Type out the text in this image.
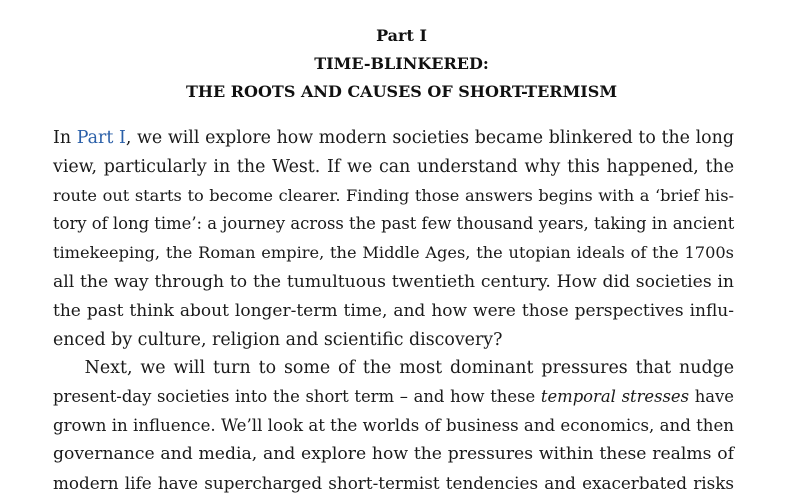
Part I
TIME-BLINKERED:
THE ROOTS AND CAUSES OF SHORT-TERMISM
In Part I, we will explore how modern societies became blinkered to the long
view, particularly in the West. If we can understand why this happened, the
route out starts to become clearer. Finding those answers begins with a ‘brief his-
tory of long time’: a journey across the past few thousand years, taking in ancient
timekeeping, the Roman empire, the Middle Ages, the utopian ideals of the 1700s
all the way through to the tumultuous twentieth century. How did societies in
the past think about longer-term time, and how were those perspectives influ-
enced by culture, religion and scientific discovery?
Next, we will turn to some of the most dominant pressures that nudge
present-day societies into the short term – and how these temporal stresses have
grown in influence. We’ll look at the worlds of business and economics, and then
governance and media, and explore how the pressures within these realms of
modern life have supercharged short-termist tendencies and exacerbated risks
